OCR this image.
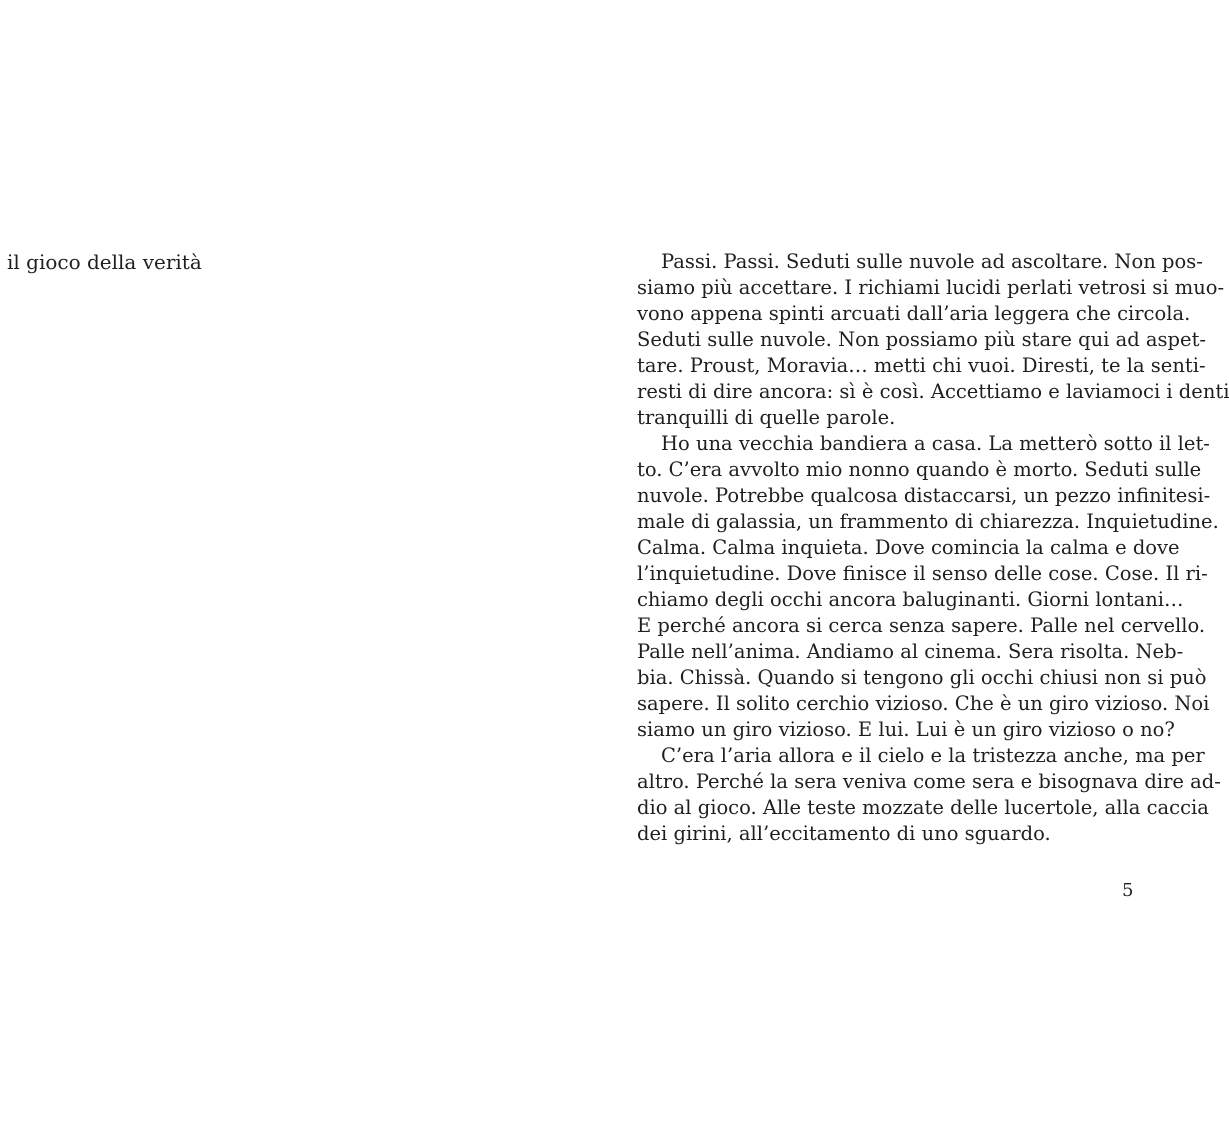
il gioco della verità	Passi. Passi. Seduti sulle nuvole ad ascoltare. Non pos-
siamo più accettare. I richiami lucidi perlati vetrosi si muo-
vono appena spinti arcuati dall’aria leggera che circola.
Seduti sulle nuvole. Non possiamo più stare qui ad aspet-
tare. Proust, Moravia… metti chi vuoi. Diresti, te la senti-
resti di dire ancora: sì è così. Accettiamo e laviamoci i denti
tranquilli di quelle parole.
Ho una vecchia bandiera a casa. La metterò sotto il let-
to. C’era avvolto mio nonno quando è morto. Seduti sulle
nuvole. Potrebbe qualcosa distaccarsi, un pezzo infinitesi-
male di galassia, un frammento di chiarezza. Inquietudine.
Calma. Calma inquieta. Dove comincia la calma e dove
l’inquietudine. Dove finisce il senso delle cose. Cose. Il ri-
chiamo degli occhi ancora baluginanti. Giorni lontani…
E perché ancora si cerca senza sapere. Palle nel cervello.
Palle nell’anima. Andiamo al cinema. Sera risolta. Neb-
bia. Chissà. Quando si tengono gli occhi chiusi non si può
sapere. Il solito cerchio vizioso. Che è un giro vizioso. Noi
siamo un giro vizioso. E lui. Lui è un giro vizioso o no?
C’era l’aria allora e il cielo e la tristezza anche, ma per
altro. Perché la sera veniva come sera e bisognava dire ad-
dio al gioco. Alle teste mozzate delle lucertole, alla caccia
dei girini, all’eccitamento di uno sguardo.
5
